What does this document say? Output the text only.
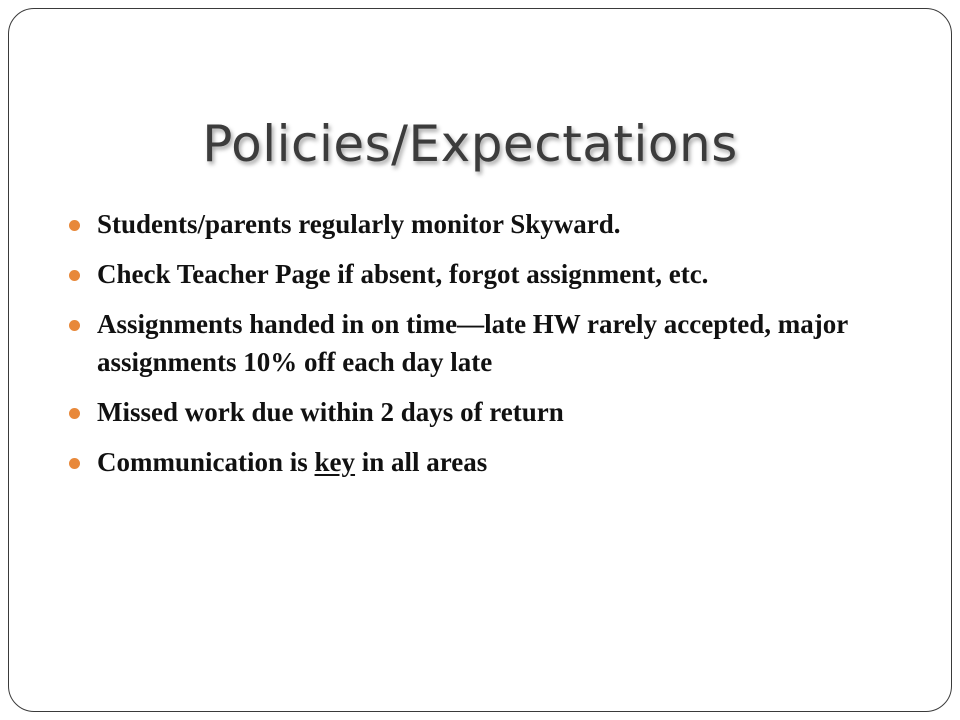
Policies/Expectations
Students/parents regularly monitor Skyward.
Check Teacher Page if absent, forgot assignment, etc.
Assignments handed in on time—late HW rarely accepted, major assignments 10% off each day late
Missed work due within 2 days of return
Communication is key in all areas
